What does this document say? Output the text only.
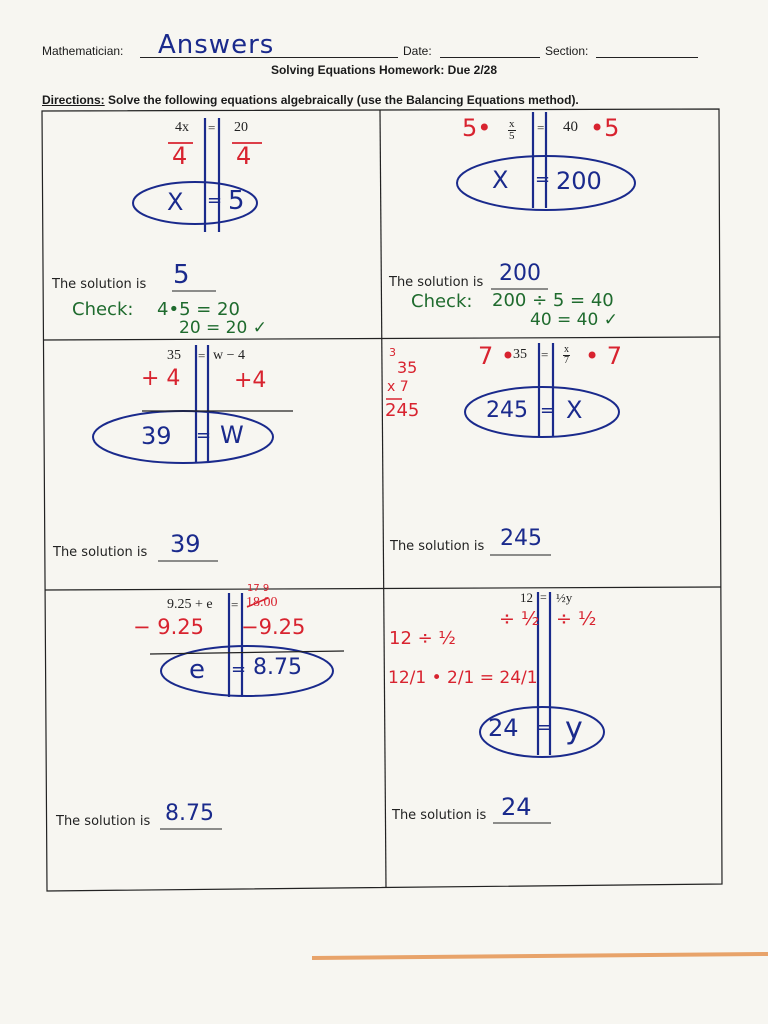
Mathematician: Answers	Date:	Section:
Solving Equations Homework: Due 2/28
Directions: Solve the following equations algebraically (use the Balancing Equations method).
4x = 20
4 4
X = 5
The solution is 5
Check: 4•5 = 20
20 = 20 ✓
5• $\frac{x}{5} = 40$ •5
X = 200
The solution is 200
Check: 200 ÷ 5 = 40
40 = 40 ✓
35 = w − 4
+ 4 +4
39 = W
The solution is 39
3
35
x 7
245
7 •
$35 = \frac{x}{7}$ • 7
245 = X
The solution is 245
17 9
9.25 + e = 18.00
− 9.25 −9.25
e = 8.75
The solution is 8.75
12 = ½y
÷ ½ ÷ ½
12 ÷ ½
12/1 • 2/1 = 24/1
24 = y
The solution is 24
